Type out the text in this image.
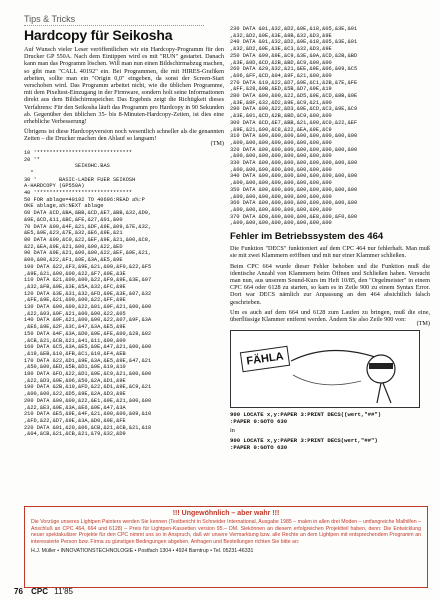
Tips & Tricks
Hardcopy für Seikosha

Auf Wunsch vieler Leser veröffentlichen wir ein Hardcopy-Programm für den Drucker GP 550A. Nach dem Eintippen wird es mit "RUN" gestartet. Danach kann man das Programm löschen. Will man nun einen Bildschirmabzug machen, so gibt man "CALL 40192" ein. Bei Programmen, die mit HIRES-Grafiken arbeiten, sollte man ein "Origin 0,0" eingeben, da sonst der Screen-Start verschoben wird. Das Programm arbeitet nicht, wie die üblichen Programme, mit dem Pixeltest-Einzugang in der Firmware, sondern holt seine Informationen direkt aus dem Bildschirmspeicher. Das Ergebnis zeigt die Richtigkeit dieses Verfahrens: Für den Seikosha läuft das Programm pro Hardcopy in 90 Sekunden ab. Gegenüber den üblichen 35- bis 8-Minuten-Hardcopy-Zeiten, ist dies eine erhebliche Verbesserung!

Übrigens ist diese Hardcopyversion noch wesentlich schneller als die genannten Zeiten – die Drucker machen den Ablauf so langsam!

(TM)
10 '******************************
20 '*
SEIKOHC.BAS
*
30 '       BASIC-LADER FUER SEIKOSH
A-HARDCOPY (GP550A)
40 '******************************
50 FOR ablage=40192 TO 40696:READ a%:P
OKE ablage,a%:NEXT ablage
60 DATA &CD,&BA,&BB,&CD,&E7,&BB,&32,&D0,
&9E,&CD,&11,&BC,&FE,&27,&01,&00
70 DATA &00,&4F,&21,&DF,&9E,&09,&7E,&32,
&E5,&9E,&23,&7E,&32,&E6,&9E,&21
80 DATA &00,&C0,&22,&EF,&9E,&21,&00,&C8,
&22,&EA,&9E,&21,&00,&00,&22,&ED
90 DATA &9E,&21,&00,&00,&22,&EF,&9E,&21,
&00,&00,&22,&F1,&9E,&3A,&E5,&9E
100 DATA &22,&F3,&9E,&21,&00,&F0,&22,&F5
,&9E,&21,&00,&00,&22,&F7,&9E,&3E
110 DATA &21,&00,&00,&22,&F9,&9E,&3E,&07
,&32,&FB,&9E,&3E,&5A,&32,&FC,&9E
120 DATA &3E,&31,&32,&FD,&9E,&3E,&07,&32
,&FE,&9E,&21,&00,&00,&22,&FF,&9E
130 DATA &00,&00,&22,&01,&9F,&21,&00,&00
,&22,&03,&9F,&21,&00,&00,&22,&05
140 DATA &9F,&21,&00,&00,&22,&07,&9F,&3A
,&E6,&9E,&2F,&3C,&47,&3A,&E5,&9E
150 DATA &4F,&3A,&D0,&9E,&FE,&00,&28,&02
,&CB,&21,&CB,&21,&41,&11,&00,&00
160 DATA &C5,&3A,&E5,&9E,&47,&21,&00,&00
,&19,&EB,&10,&FB,&C1,&10,&F4,&EB
170 DATA &22,&D1,&9E,&3A,&E5,&9E,&47,&21
,&50,&00,&ED,&5B,&D1,&9E,&19,&10
180 DATA &FD,&22,&D1,&9E,&C9,&21,&00,&00
,&22,&D3,&9E,&06,&50,&2A,&D1,&9E
190 DATA &2B,&10,&FD,&22,&D1,&9E,&C9,&21
,&00,&00,&22,&D5,&9E,&2A,&D3,&9E
200 DATA &00,&00,&22,&E1,&9E,&21,&00,&00
,&22,&E3,&9E,&3A,&E6,&9E,&47,&3A
210 DATA &E5,&9E,&4F,&21,&00,&00,&09,&10
,&FD,&22,&D7,&9E,&3A,&D0,&9E,&FE
220 DATA &01,&20,&06,&CB,&21,&CB,&21,&18
,&04,&CB,&21,&CB,&21,&79,&32,&D9
230 DATA &01,&32,&D2,&9E,&18,&05,&3E,&01
,&32,&D2,&9E,&3E,&8B,&32,&D3,&9E
240 DATA &01,&32,&D2,&9E,&18,&05,&3E,&01
,&32,&D2,&9E,&3E,&C3,&32,&D3,&9E
250 DATA &99,&9E,&C9,&3E,&0A,&CD,&2B,&BD
,&3E,&0D,&CD,&2B,&BD,&C9,&00,&00
260 DATA &29,&32,&21,&EE,&9E,&06,&09,&C5
,&06,&FF,&CD,&04,&9F,&21,&00,&00
270 DATA &19,&22,&D7,&9E,&C1,&2B,&7E,&FE
,&FF,&28,&0B,&ED,&5B,&D7,&9E,&19
280 DATA &00,&00,&22,&D5,&9E,&CD,&8B,&9E
,&3E,&8F,&32,&D2,&9E,&C9,&21,&00
290 DATA &00,&22,&D3,&9E,&CD,&C3,&9E,&C9
,&3E,&01,&CD,&2B,&BD,&C9,&00,&00
300 DATA &CD,&E7,&BB,&21,&00,&C0,&22,&EF
,&9E,&21,&00,&C8,&22,&EA,&9E,&C9
310 DATA &00,&00,&00,&00,&00,&00,&00,&00
,&00,&00,&00,&00,&00,&00,&00,&00
320 DATA &00,&00,&00,&00,&00,&00,&00,&00
,&00,&00,&00,&00,&00,&00,&00,&00
330 DATA &00,&00,&00,&00,&00,&00,&00,&00
,&00,&00,&00,&00,&00,&00,&00,&00
340 DATA &00,&00,&00,&00,&00,&00,&00,&00
,&00,&00,&00,&00,&00,&00,&00,&00
350 DATA &00,&00,&00,&00,&00,&00,&00,&00
,&00,&00,&00,&00,&00,&00,&00,&00
360 DATA &00,&00,&00,&00,&00,&00,&00,&00
,&00,&00,&00,&00,&00,&00,&00,&00
370 DATA &D8,&00,&00,&00,&E8,&00,&F0,&00
,&00,&00,&00,&00,&00,&00,&00,&00
Fehler im Betriebssystem des 464

Die Funktion "DECS" funktioniert auf dem CPC 464 nur fehlerhaft. Man muß sie mit zwei Klammern eröffnen und mit nur einer Klammer schließen.

Beim CPC 664 wurde dieser Fehler behoben und die Funktion muß die identische Anzahl von Klammern beim Öffnen und Schließen haben. Versucht man nun, aus unserem Sound-Kurs im Heft 10/85, den "Orgelmeister" in einem CPC 664 oder 6128 zu starten, so kam es in Zeile 900 zu einem Syntax Error. Dort war DECS nämlich zur Anpassung an den 464 absichtlich falsch geschrieben.

Um es auch auf dem 664 und 6128 zum Laufen zu bringen, muß die eine, überflüssige Klammer entfernt werden. Ändern Sie also Zeile 900 von:

(TM)
FÄHLA
900 LOCATE x,y:PAPER 3:PRINT DECS((wert,"##")
:PAPER 0:GOTO 630
in
900 LOCATE x,y:PAPER 3:PRINT DECS(wert,"##")
:PAPER 0:GOTO 630
!!! Ungewöhnlich – aber wahr !!!
Die Vorzüge unseres Lightpen Painters werden Sie kennen (Testbericht in Schneider International, Ausgabe 1985 – malen in allen drei Moden – umfangreiche Malhilfen – Anschluß an CPC 464, 664 und 6128) – Preis für Lightpen-Kassetten version 95.– DM. Siekönnen an diesem erfolgreichen Projektteil haben, denn: Die Entwicklung neuer spektakulärer Projekte für den CPC nimmt uns so in Anspruch, daß wir unsere Vermarktung bzw. alle Rechte an dem Lightpen mit entsprechendem Programm an interessierte Person bzw. Firma zu günstigen Bedingungen abgeben. Anfragen und Bestellungen richten Sie bitte an:
H.J. Müller • INNOVATIONSTECHNOLOGIE • Postfach 1304 • 4924 Barntrup • Tel. 05231-46331
76 CPC 11'85
